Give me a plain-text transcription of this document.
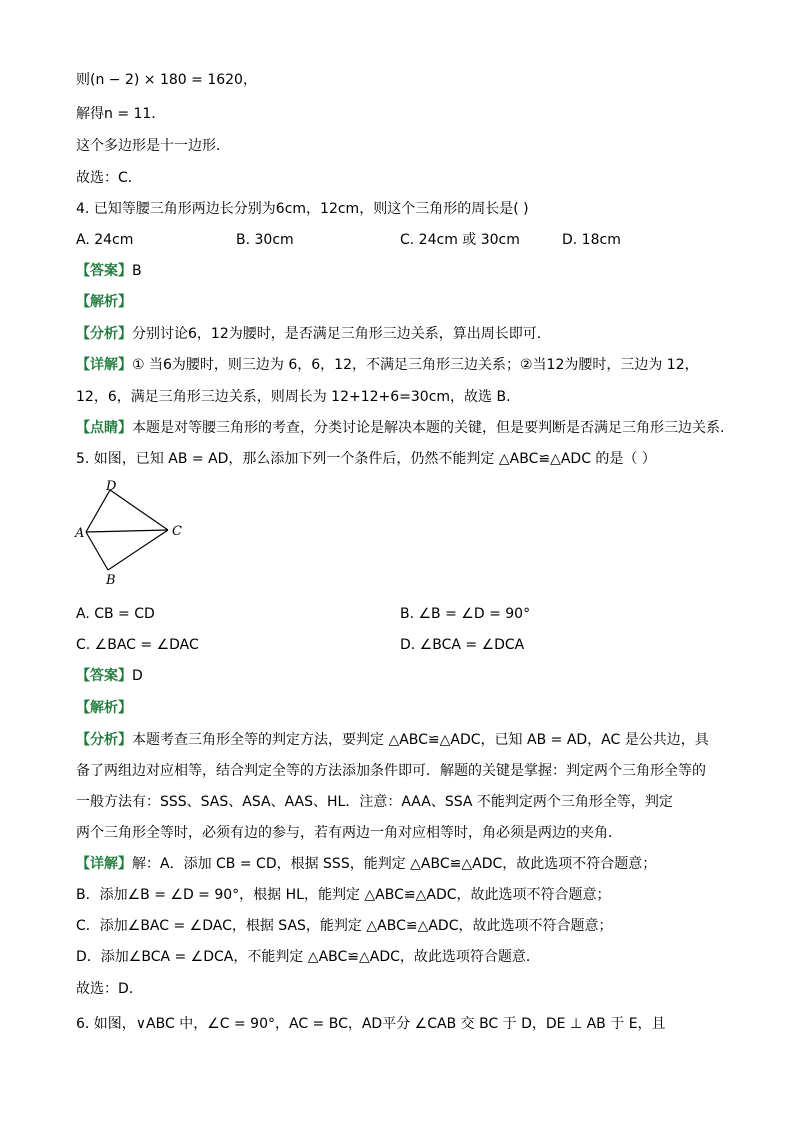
则(n − 2) × 180 = 1620，
解得n = 11．
这个多边形是十一边形．
故选：C．
4. 已知等腰三角形两边长分别为6cm，12cm，则这个三角形的周长是( )
A. 24cm	B. 30cm	C. 24cm 或 30cm	D. 18cm
【答案】B
【解析】
【分析】分别讨论6，12为腰时，是否满足三角形三边关系，算出周长即可.
【详解】① 当6为腰时，则三边为 6，6，12，不满足三角形三边关系；②当12为腰时，三边为 12，
12，6，满足三角形三边关系，则周长为 12+12+6=30cm，故选 B.
【点睛】本题是对等腰三角形的考查，分类讨论是解决本题的关键，但是要判断是否满足三角形三边关系.
5. 如图，已知 AB = AD，那么添加下列一个条件后，仍然不能判定 △ABC≌△ADC 的是（ ）
D
A	C
B
A. CB = CD	B. ∠B = ∠D = 90°
C. ∠BAC = ∠DAC	D. ∠BCA = ∠DCA
【答案】D
【解析】
【分析】本题考查三角形全等的判定方法，要判定 △ABC≌△ADC，已知 AB = AD，AC 是公共边，具
备了两组边对应相等，结合判定全等的方法添加条件即可．解题的关键是掌握：判定两个三角形全等的
一般方法有：SSS、SAS、ASA、AAS、HL．注意：AAA、SSA 不能判定两个三角形全等，判定
两个三角形全等时，必须有边的参与，若有两边一角对应相等时，角必须是两边的夹角．
【详解】解：A．添加 CB = CD，根据 SSS，能判定 △ABC≌△ADC，故此选项不符合题意；
B．添加∠B = ∠D = 90°，根据 HL，能判定 △ABC≌△ADC，故此选项不符合题意；
C．添加∠BAC = ∠DAC，根据 SAS，能判定 △ABC≌△ADC，故此选项不符合题意；
D．添加∠BCA = ∠DCA，不能判定 △ABC≌△ADC，故此选项符合题意．
故选：D．
6. 如图，∨ABC 中，∠C = 90°，AC = BC，AD平分 ∠CAB 交 BC 于 D，DE ⊥ AB 于 E，且
